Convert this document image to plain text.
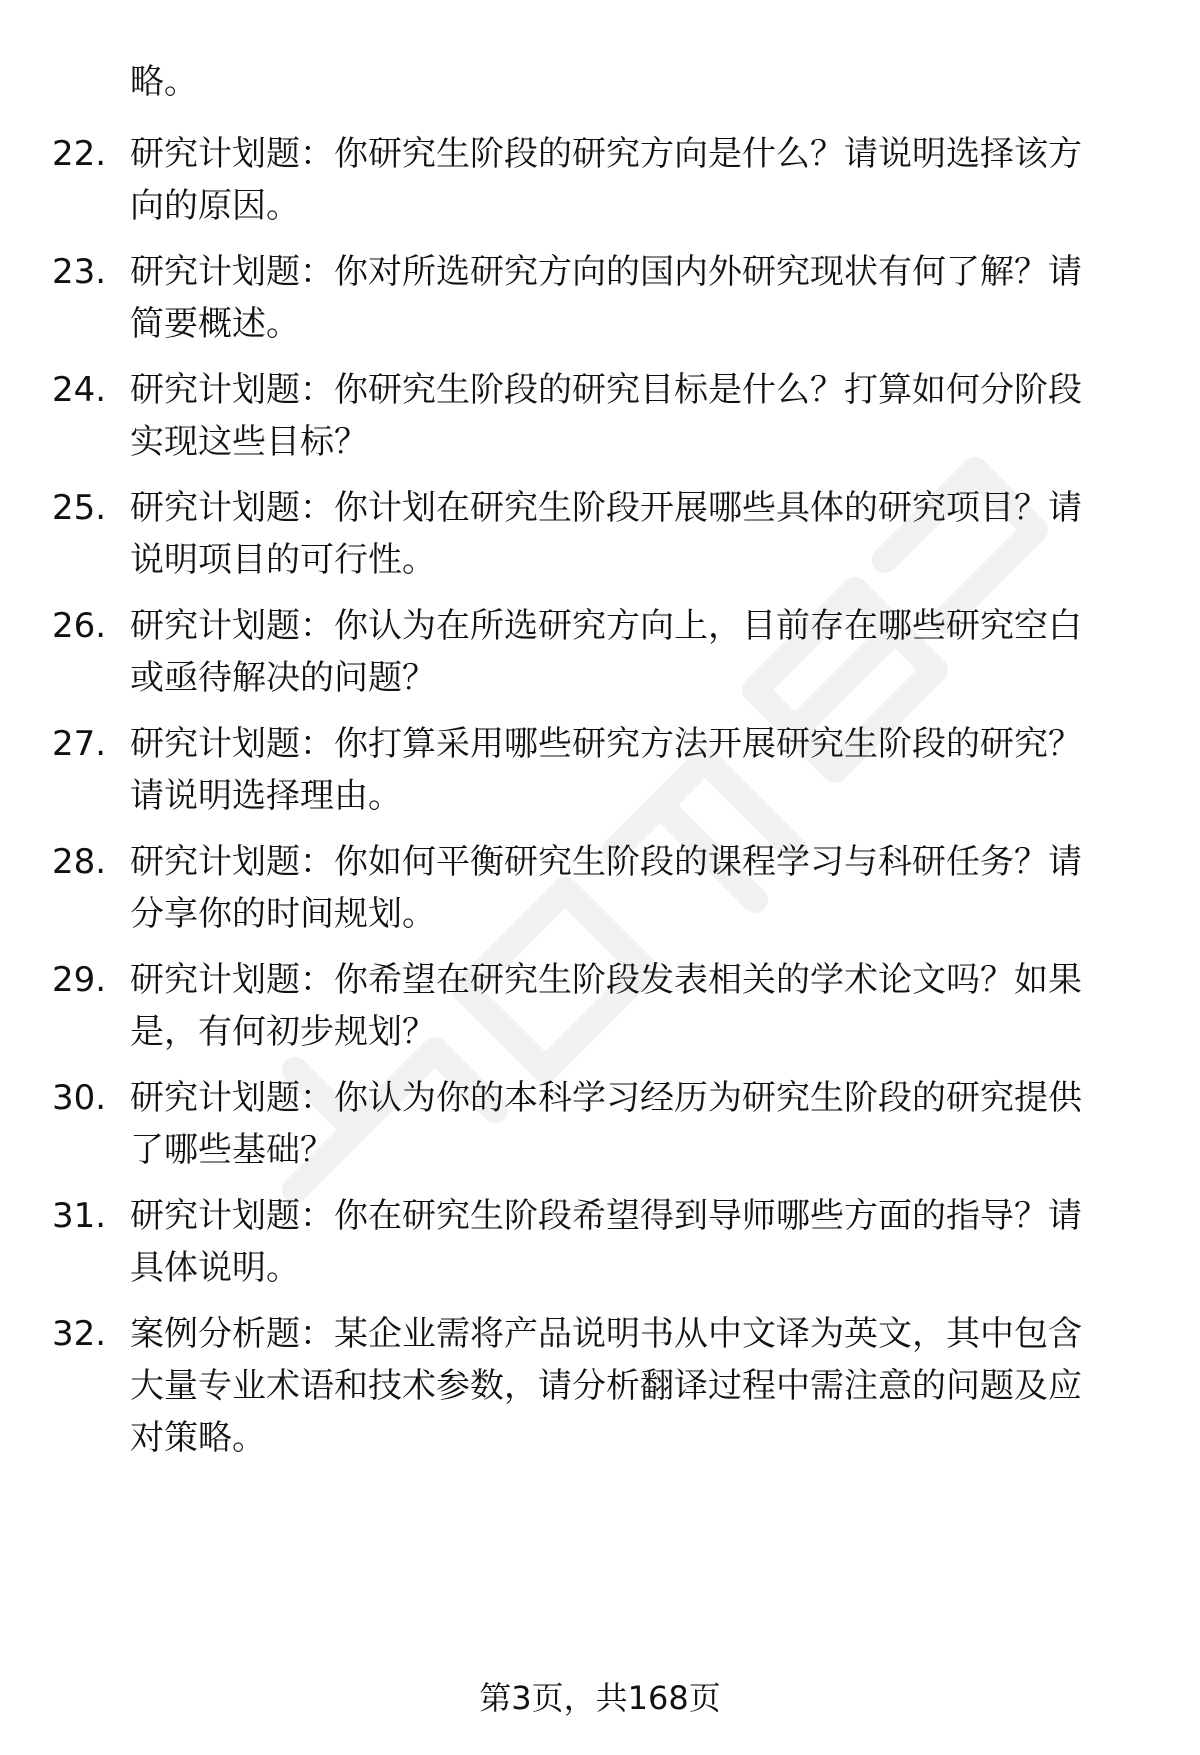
略。
22. 研究计划题：你研究生阶段的研究方向是什么？请说明选择该方
向的原因。
23. 研究计划题：你对所选研究方向的国内外研究现状有何了解？请
简要概述。
24. 研究计划题：你研究生阶段的研究目标是什么？打算如何分阶段
实现这些目标？
25. 研究计划题：你计划在研究生阶段开展哪些具体的研究项目？请
说明项目的可行性。
26. 研究计划题：你认为在所选研究方向上，目前存在哪些研究空白
或亟待解决的问题？
27. 研究计划题：你打算采用哪些研究方法开展研究生阶段的研究？
请说明选择理由。
28. 研究计划题：你如何平衡研究生阶段的课程学习与科研任务？请
分享你的时间规划。
29. 研究计划题：你希望在研究生阶段发表相关的学术论文吗？如果
是，有何初步规划？
30. 研究计划题：你认为你的本科学习经历为研究生阶段的研究提供
了哪些基础？
31. 研究计划题：你在研究生阶段希望得到导师哪些方面的指导？请
具体说明。
32. 案例分析题：某企业需将产品说明书从中文译为英文，其中包含
大量专业术语和技术参数，请分析翻译过程中需注意的问题及应
对策略。
第3页，共168页
